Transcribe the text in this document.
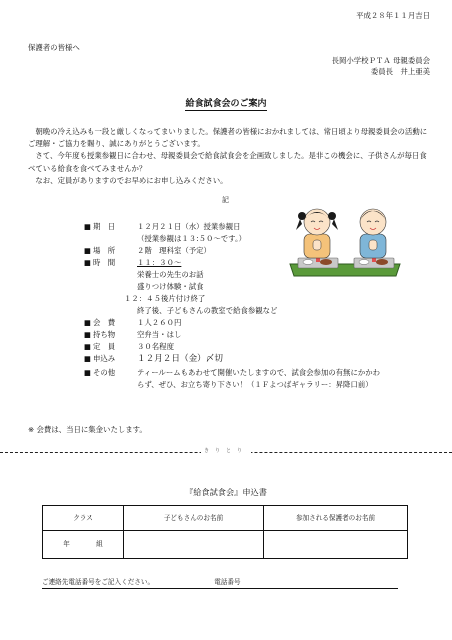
平成２８年１１月吉日
保護者の皆様へ
長岡小学校ＰＴＡ 母親委員会
委員長　井上亜美
給食試食会のご案内

朝晩の冷え込みも一段と厳しくなってまいりました。保護者の皆様におかれましては、常日頃より母親委員会の活動にご理解・ご協力を賜り、誠にありがとうございます。

さて、今年度も授業参観日に合わせ、母親委員会で給食試食会を企画致しました。是非この機会に、子供さんが毎日食べている給食を食べてみませんか？

なお、定員がありますのでお早めにお申し込みください。

記
■ 期　日	１２月２１日（水）授業参観日
（授業参観は１３:５０～です。）
■ 場　所	２階　理科室（予定）
■ 時　間	１１：３０～
栄養士の先生のお話
盛りつけ体験・試食
１２：４５後片付け終了
終了後、子どもさんの教室で給食参観など
■ 会　費	１人２６０円
■ 持ち物	空弁当・はし
■ 定　員	３０名程度
■ 申込み	１２月２日（金）〆切
■ その他	ティールームもあわせて開催いたしますので、試食会参加の有無にかかわ
らず、ぜひ、お立ち寄り下さい！（１Ｆよつばギャラリー：昇降口前）
※ 会費は、当日に集金いたします。
きりとり
『給食試食会』申込書
クラス	子どもさんのお名前	参加される保護者のお名前
年 組		
ご連絡先電話番号をご記入ください。	電話番号
